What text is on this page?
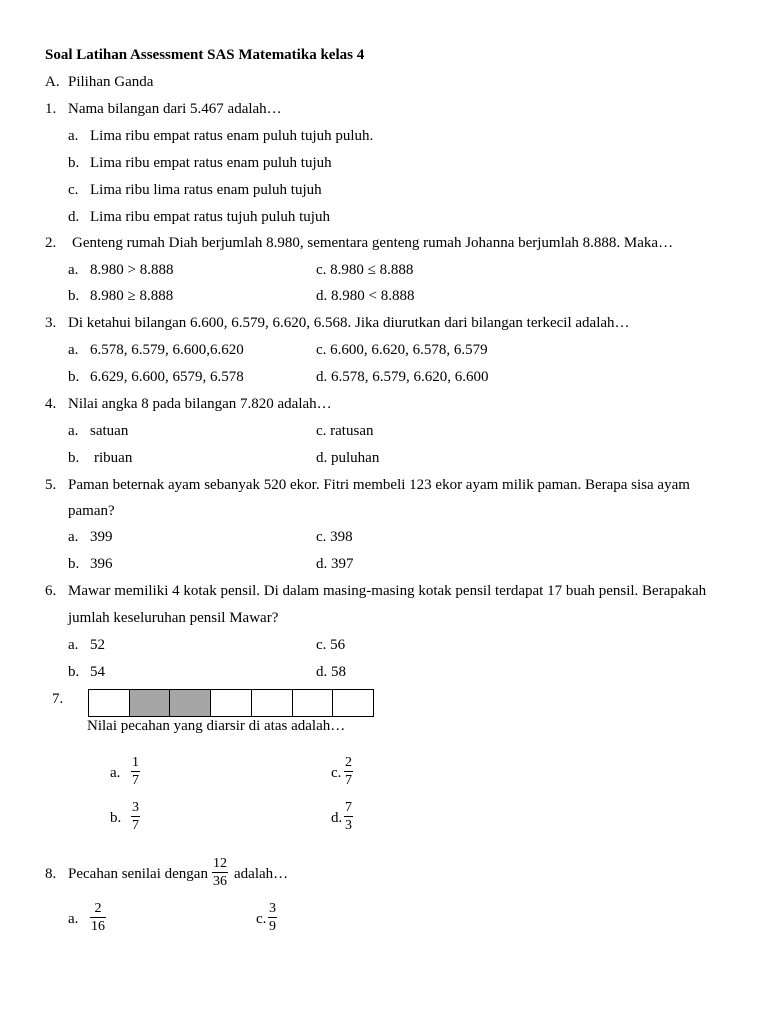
Soal Latihan Assessment SAS Matematika kelas 4
A. Pilihan Ganda
1. Nama bilangan dari 5.467 adalah…
a. Lima ribu empat ratus enam puluh tujuh puluh.
b. Lima ribu empat ratus enam puluh tujuh
c. Lima ribu lima ratus enam puluh tujuh
d. Lima ribu empat ratus tujuh puluh tujuh
2. Genteng rumah Diah berjumlah 8.980, sementara genteng rumah Johanna berjumlah 8.888. Maka…
a. 8.980 > 8.888	c. 8.980 ≤ 8.888
b. 8.980 ≥ 8.888	d. 8.980 < 8.888
3. Di ketahui bilangan 6.600, 6.579, 6.620, 6.568. Jika diurutkan dari bilangan terkecil adalah…
a. 6.578, 6.579, 6.600,6.620	c. 6.600, 6.620, 6.578, 6.579
b. 6.629, 6.600, 6579, 6.578	d. 6.578, 6.579, 6.620, 6.600
4. Nilai angka 8 pada bilangan 7.820 adalah…
a. satuan	c. ratusan
b. ribuan	d. puluhan
5. Paman beternak ayam sebanyak 520 ekor. Fitri membeli 123 ekor ayam milik paman. Berapa sisa ayam
paman?
a. 399	c. 398
b. 396	d. 397
6. Mawar memiliki 4 kotak pensil. Di dalam masing-masing kotak pensil terdapat 17 buah pensil. Berapakah
jumlah keseluruhan pensil Mawar?
a. 52	c. 56
b. 54	d. 58
7.
Nilai pecahan yang diarsir di atas adalah…
a.
1
7	c.
2
7
b.
3
7	d.
7
3
8. Pecahan senilai dengan
12
36 adalah…
a.
2
16	c.
3
9
